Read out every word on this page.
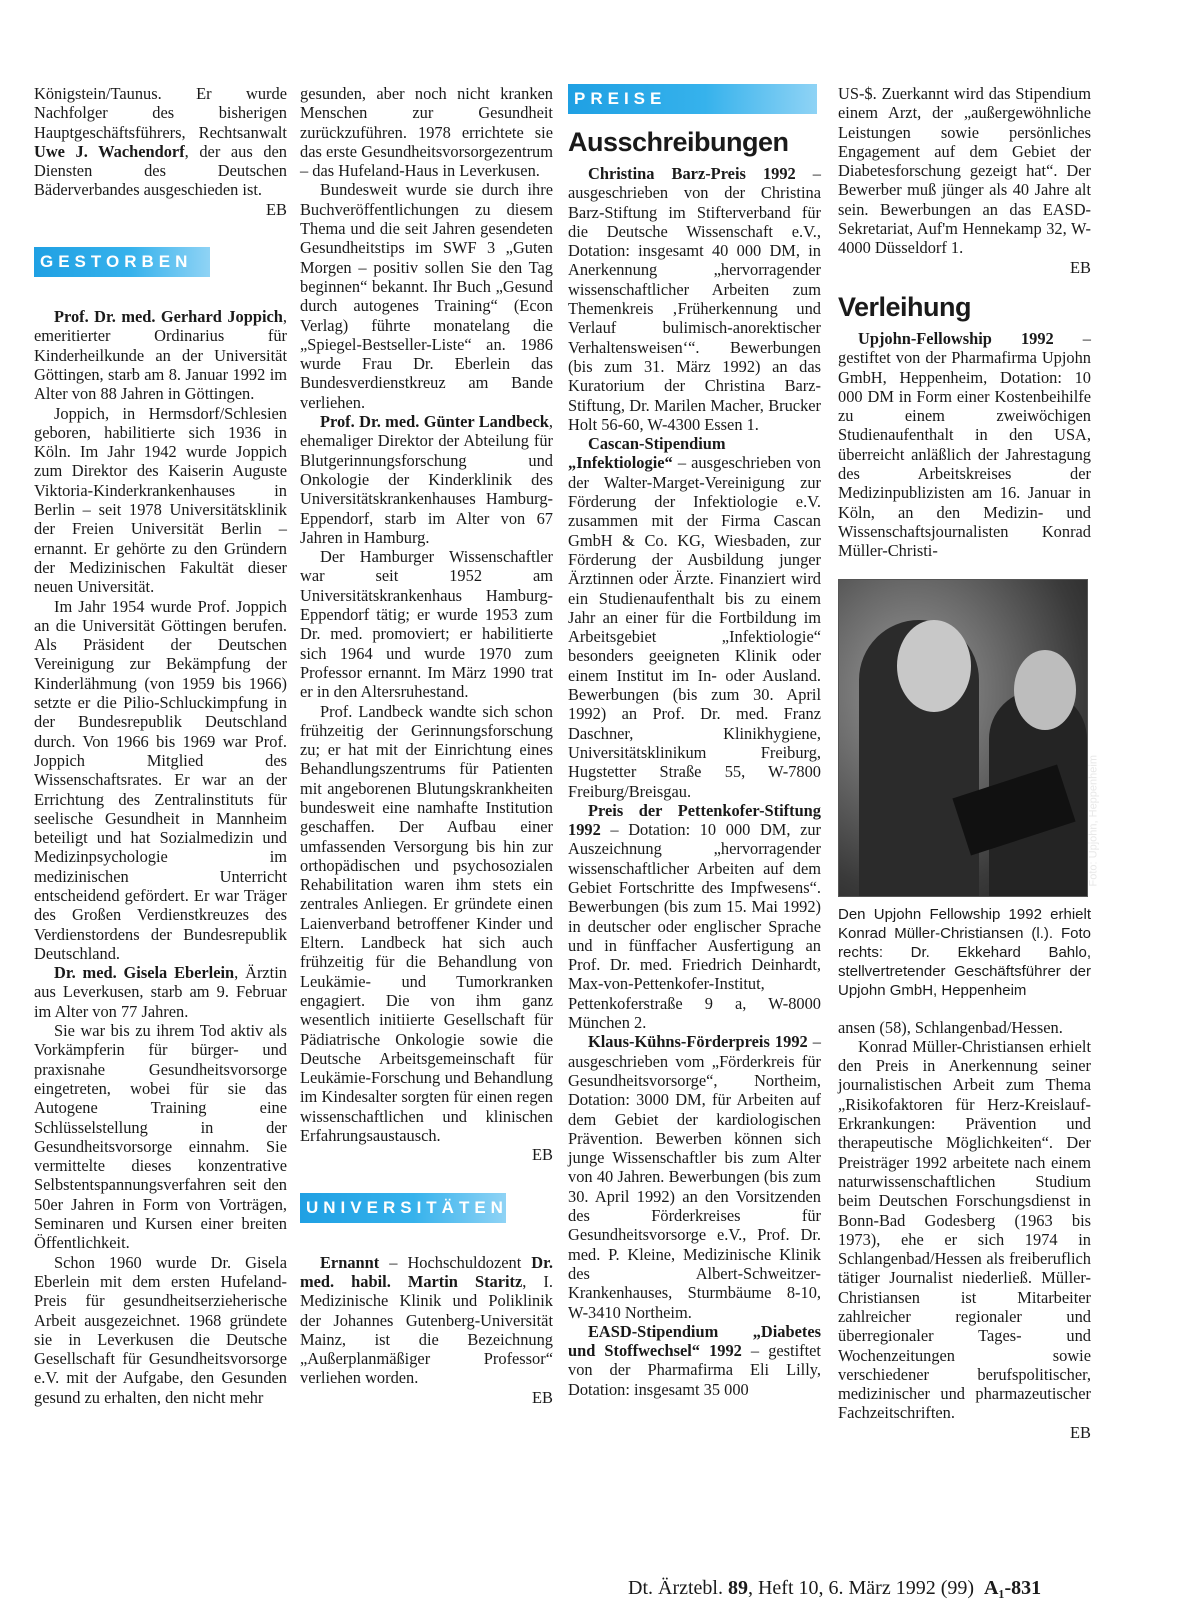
Königstein/Taunus. Er wurde Nachfolger des bisherigen Hauptgeschäftsführers, Rechtsanwalt Uwe J. Wachendorf, der aus den Diensten des Deutschen Bäderverbandes ausgeschieden ist.
EB

GESTORBEN

Prof. Dr. med. Gerhard Joppich, emeritierter Ordinarius für Kinderheilkunde an der Universität Göttingen, starb am 8. Januar 1992 im Alter von 88 Jahren in Göttingen.

Joppich, in Hermsdorf/Schlesien geboren, habilitierte sich 1936 in Köln. Im Jahr 1942 wurde Joppich zum Direktor des Kaiserin Auguste Viktoria-Kinderkrankenhauses in Berlin – seit 1978 Universitätsklinik der Freien Universität Berlin – ernannt. Er gehörte zu den Gründern der Medizinischen Fakultät dieser neuen Universität.

Im Jahr 1954 wurde Prof. Joppich an die Universität Göttingen berufen. Als Präsident der Deutschen Vereinigung zur Bekämpfung der Kinderlähmung (von 1959 bis 1966) setzte er die Pilio-Schluckimpfung in der Bundesrepublik Deutschland durch. Von 1966 bis 1969 war Prof. Joppich Mitglied des Wissenschaftsrates. Er war an der Errichtung des Zentralinstituts für seelische Gesundheit in Mannheim beteiligt und hat Sozialmedizin und Medizinpsychologie im medizinischen Unterricht entscheidend gefördert. Er war Träger des Großen Verdienstkreuzes des Verdienstordens der Bundesrepublik Deutschland.

Dr. med. Gisela Eberlein, Ärztin aus Leverkusen, starb am 9. Februar im Alter von 77 Jahren.

Sie war bis zu ihrem Tod aktiv als Vorkämpferin für bürger- und praxisnahe Gesundheitsvorsorge eingetreten, wobei für sie das Autogene Training eine Schlüsselstellung in der Gesundheitsvorsorge einnahm. Sie vermittelte dieses konzentrative Selbstentspannungsverfahren seit den 50er Jahren in Form von Vorträgen, Seminaren und Kursen einer breiten Öffentlichkeit.

Schon 1960 wurde Dr. Gisela Eberlein mit dem ersten Hufeland-Preis für gesundheitserzieherische Arbeit ausgezeichnet. 1968 gründete sie in Leverkusen die Deutsche Gesellschaft für Gesundheitsvorsorge e.V. mit der Aufgabe, den Gesunden gesund zu erhalten, den nicht mehr

gesunden, aber noch nicht kranken Menschen zur Gesundheit zurückzuführen. 1978 errichtete sie das erste Gesundheitsvorsorgezentrum – das Hufeland-Haus in Leverkusen.

Bundesweit wurde sie durch ihre Buchveröffentlichungen zu diesem Thema und die seit Jahren gesendeten Gesundheitstips im SWF 3 „Guten Morgen – positiv sollen Sie den Tag beginnen“ bekannt. Ihr Buch „Gesund durch autogenes Training“ (Econ Verlag) führte monatelang die „Spiegel-Bestseller-Liste“ an. 1986 wurde Frau Dr. Eberlein das Bundesverdienstkreuz am Bande verliehen.

Prof. Dr. med. Günter Landbeck, ehemaliger Direktor der Abteilung für Blutgerinnungsforschung und Onkologie der Kinderklinik des Universitätskrankenhauses Hamburg-Eppendorf, starb im Alter von 67 Jahren in Hamburg.

Der Hamburger Wissenschaftler war seit 1952 am Universitätskrankenhaus Hamburg-Eppendorf tätig; er wurde 1953 zum Dr. med. promoviert; er habilitierte sich 1964 und wurde 1970 zum Professor ernannt. Im März 1990 trat er in den Altersruhestand.

Prof. Landbeck wandte sich schon frühzeitig der Gerinnungsforschung zu; er hat mit der Einrichtung eines Behandlungszentrums für Patienten mit angeborenen Blutungskrankheiten bundesweit eine namhafte Institution geschaffen. Der Aufbau einer umfassenden Versorgung bis hin zur orthopädischen und psychosozialen Rehabilitation waren ihm stets ein zentrales Anliegen. Er gründete einen Laienverband betroffener Kinder und Eltern. Landbeck hat sich auch frühzeitig für die Behandlung von Leukämie- und Tumorkranken engagiert. Die von ihm ganz wesentlich initiierte Gesellschaft für Pädiatrische Onkologie sowie die Deutsche Arbeitsgemeinschaft für Leukämie-Forschung und Behandlung im Kindesalter sorgten für einen regen wissenschaftlichen und klinischen Erfahrungsaustausch.
EB

UNIVERSITÄTEN

Ernannt – Hochschuldozent Dr. med. habil. Martin Staritz, I. Medizinische Klinik und Poliklinik der Johannes Gutenberg-Universität Mainz, ist die Bezeichnung „Außerplanmäßiger Professor“ verliehen worden.
EB

PREISE
Ausschreibungen

Christina Barz-Preis 1992 – ausgeschrieben von der Christina Barz-Stiftung im Stifterverband für die Deutsche Wissenschaft e.V., Dotation: insgesamt 40 000 DM, in Anerkennung „hervorragender wissenschaftlicher Arbeiten zum Themenkreis ‚Früherkennung und Verlauf bulimisch-anorektischer Verhaltensweisen‘“. Bewerbungen (bis zum 31. März 1992) an das Kuratorium der Christina Barz-Stiftung, Dr. Marilen Macher, Brucker Holt 56-60, W-4300 Essen 1.

Cascan-Stipendium „Infektiologie“ – ausgeschrieben von der Walter-Marget-Vereinigung zur Förderung der Infektiologie e.V. zusammen mit der Firma Cascan GmbH & Co. KG, Wiesbaden, zur Förderung der Ausbildung junger Ärztinnen oder Ärzte. Finanziert wird ein Studienaufenthalt bis zu einem Jahr an einer für die Fortbildung im Arbeitsgebiet „Infektiologie“ besonders geeigneten Klinik oder einem Institut im In- oder Ausland. Bewerbungen (bis zum 30. April 1992) an Prof. Dr. med. Franz Daschner, Klinikhygiene, Universitätsklinikum Freiburg, Hugstetter Straße 55, W-7800 Freiburg/Breisgau.

Preis der Pettenkofer-Stiftung 1992 – Dotation: 10 000 DM, zur Auszeichnung „hervorragender wissenschaftlicher Arbeiten auf dem Gebiet Fortschritte des Impfwesens“. Bewerbungen (bis zum 15. Mai 1992) in deutscher oder englischer Sprache und in fünffacher Ausfertigung an Prof. Dr. med. Friedrich Deinhardt, Max-von-Pettenkofer-Institut, Pettenkoferstraße 9 a, W-8000 München 2.

Klaus-Kühns-Förderpreis 1992 – ausgeschrieben vom „Förderkreis für Gesundheitsvorsorge“, Northeim, Dotation: 3000 DM, für Arbeiten auf dem Gebiet der kardiologischen Prävention. Bewerben können sich junge Wissenschaftler bis zum Alter von 40 Jahren. Bewerbungen (bis zum 30. April 1992) an den Vorsitzenden des Förderkreises für Gesundheitsvorsorge e.V., Prof. Dr. med. P. Kleine, Medizinische Klinik des Albert-Schweitzer-Krankenhauses, Sturmbäume 8-10, W-3410 Northeim.

EASD-Stipendium „Diabetes und Stoffwechsel“ 1992 – gestiftet von der Pharmafirma Eli Lilly, Dotation: insgesamt 35 000

US-$. Zuerkannt wird das Stipendium einem Arzt, der „außergewöhnliche Leistungen sowie persönliches Engagement auf dem Gebiet der Diabetesforschung gezeigt hat“. Der Bewerber muß jünger als 40 Jahre alt sein. Bewerbungen an das EASD-Sekretariat, Auf'm Hennekamp 32, W-4000 Düsseldorf 1.
EB

Verleihung

Upjohn-Fellowship 1992 – gestiftet von der Pharmafirma Upjohn GmbH, Heppenheim, Dotation: 10 000 DM in Form einer Kostenbeihilfe zu einem zweiwöchigen Studienaufenthalt in den USA, überreicht anläßlich der Jahrestagung des Arbeitskreises der Medizinpublizisten am 16. Januar in Köln, an den Medizin- und Wissenschaftsjournalisten Konrad Müller-Christi-

Foto: Upjohn, Heppenheim
Den Upjohn Fellowship 1992 erhielt Konrad Müller-Christiansen (l.). Foto rechts: Dr. Ekkehard Bahlo, stellvertretender Geschäftsführer der Upjohn GmbH, Heppenheim

ansen (58), Schlangenbad/Hessen.

Konrad Müller-Christiansen erhielt den Preis in Anerkennung seiner journalistischen Arbeit zum Thema „Risikofaktoren für Herz-Kreislauf-Erkrankungen: Prävention und therapeutische Möglichkeiten“. Der Preisträger 1992 arbeitete nach einem naturwissenschaftlichen Studium beim Deutschen Forschungsdienst in Bonn-Bad Godesberg (1963 bis 1973), ehe er sich 1974 in Schlangenbad/Hessen als freiberuflich tätiger Journalist niederließ. Müller-Christiansen ist Mitarbeiter zahlreicher regionaler und überregionaler Tages- und Wochenzeitungen sowie verschiedener berufspolitischer, medizinischer und pharmazeutischer Fachzeitschriften.
EB

Dt. Ärztebl. 89, Heft 10, 6. März 1992 (99) A₁-831
